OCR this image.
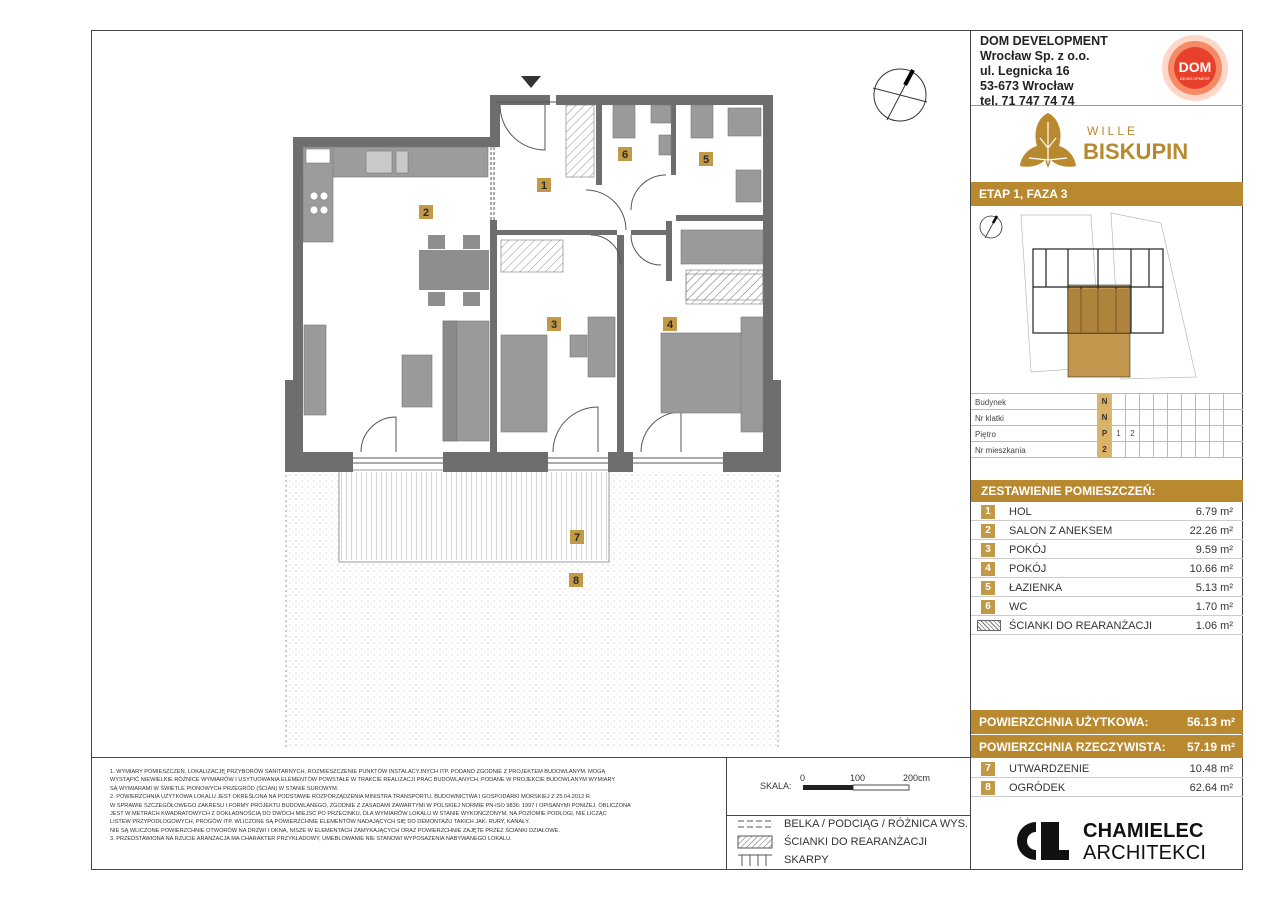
1
2
3	4
5
6
7
8
DOM DEVELOPMENT
Wrocław Sp. z o.o.
ul. Legnicka 16
53-673 Wrocław
tel. 71 747 74 74
DOM
DEVELOPMENT
WILLE
BISKUPIN
ETAP 1, FAZA 3
Budynek	N
Nr klatki	N
Piętro	P	1	2
Nr mieszkania	2
ZESTAWIENIE POMIESZCZEŃ:
1	HOL	6.79 m²
2	SALON Z ANEKSEM	22.26 m²
3	POKÓJ	9.59 m²
4	POKÓJ	10.66 m²
5	ŁAZIENKA	5.13 m²
6	WC	1.70 m²
ŚCIANKI DO REARANŻACJI	1.06 m²
POWIERZCHNIA UŻYTKOWA:	56.13 m²
POWIERZCHNIA RZECZYWISTA: 57.19 m²
7	UTWARDZENIE	10.48 m²
8	OGRÓDEK	62.64 m²
1. WYMIARY POMIESZCZEŃ, LOKALIZACJĘ PRZYBORÓW SANITARNYCH, ROZMIESZCZENIE PUNKTÓW INSTALACYJNYCH ITP. PODANO ZGODNIE Z PROJEKTEM BUDOWLANYM. MOGĄ
WYSTĄPIĆ NIEWIELKIE RÓŻNICE WYMIARÓW I USYTUOWANIA ELEMENTÓW POWSTAŁE W TRAKCIE REALIZACJI PRAC BUDOWLANYCH. PODANE W PROJEKCIE BUDOWLANYM WYMIARY
SĄ WYMIARAMI W ŚWIETLE PIONOWYCH PRZEGRÓD (ŚCIAN) W STANIE SUROWYM.
2. POWIERZCHNIA UŻYTKOWA LOKALU JEST OKREŚLONA NA PODSTAWIE ROZPORZĄDZENIA MINISTRA TRANSPORTU, BUDOWNICTWA I GOSPODARKI MORSKIEJ Z 25.04.2012 R.
W SPRAWIE SZCZEGÓŁOWEGO ZAKRESU I FORMY PROJEKTU BUDOWLANEGO, ZGODNIE Z ZASADAMI ZAWARTYMI W POLSKIEJ NORMIE PN-ISO 9836: 1997 I OPISANYMI PONIŻEJ. OBLICZONA
JEST W METRACH KWADRATOWYCH Z DOKŁADNOŚCIĄ DO DWÓCH MIEJSC PO PRZECINKU, DLA WYMIARÓW LOKALU W STANIE WYKOŃCZONYM, NA POZIOMIE PODŁOGI, NIE LICZĄC
LISTEW PRZYPODŁOGOWYCH, PROGÓW ITP. WLICZONE SĄ POWIERZCHNIE ELEMENTÓW NADAJĄCYCH SIĘ DO DEMONTAŻU TAKICH JAK: RURY, KANAŁY.
NIE SĄ WLICZONE POWIERZCHNIE OTWORÓW NA DRZWI I OKNA, NISZE W ELEMENTACH ZAMYKAJĄCYCH ORAZ POWIERZCHNIE ZAJĘTE PRZEZ ŚCIANKI DZIAŁOWE.
3. PRZEDSTAWIONA NA RZUCIE ARANŻACJA MA CHARAKTER PRZYKŁADOWY, UMEBLOWANIE NIE STANOWI WYPOSAŻENIA NABYWANEGO LOKALU.
SKALA:
0	100	200cm
BELKA / PODCIĄG / RÓŻNICA WYS.
ŚCIANKI DO REARANŻACJI
SKARPY
CHAMIELEC
ARCHITEKCI
